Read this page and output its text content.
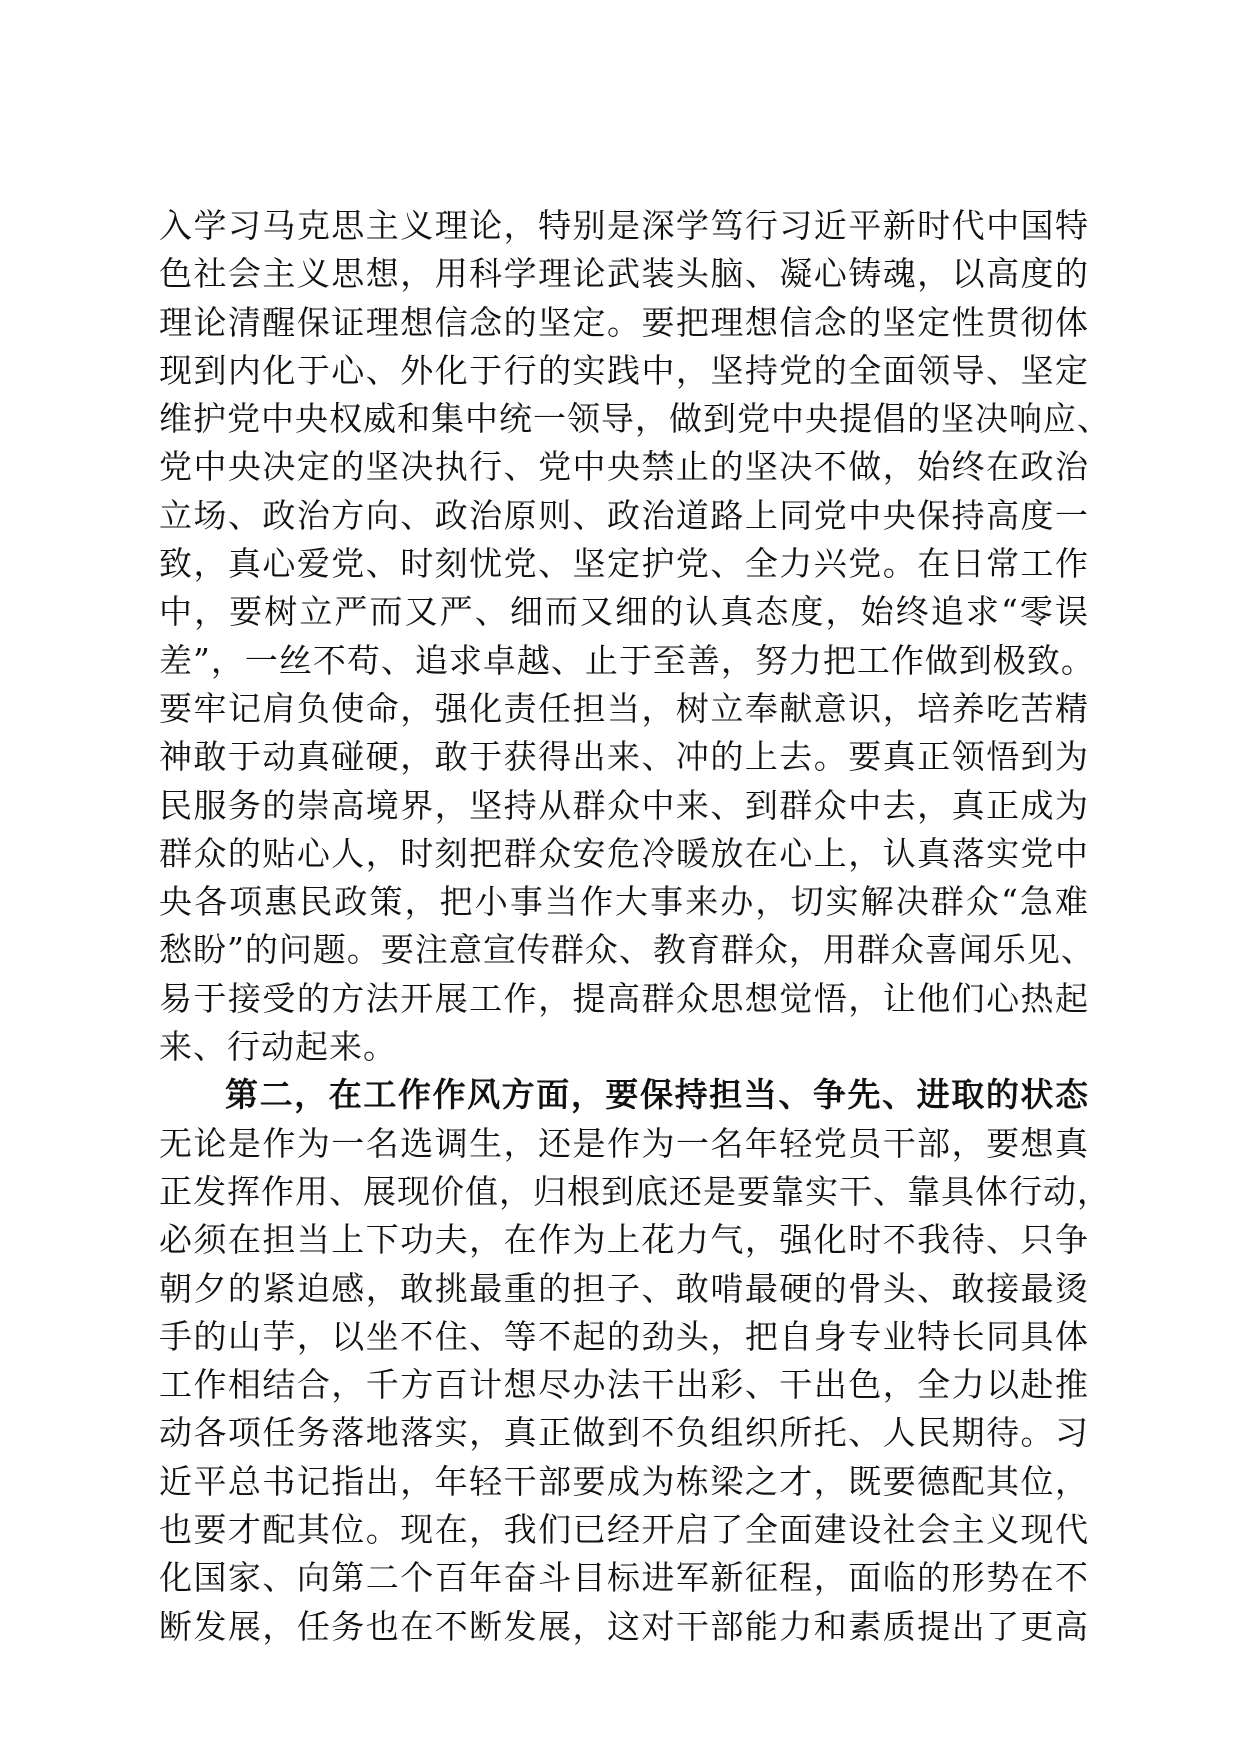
入学习马克思主义理论，特别是深学笃行习近平新时代中国特
色社会主义思想，用科学理论武装头脑、凝心铸魂，以高度的
理论清醒保证理想信念的坚定。要把理想信念的坚定性贯彻体
现到内化于心、外化于行的实践中，坚持党的全面领导、坚定
维护党中央权威和集中统一领导，做到党中央提倡的坚决响应、
党中央决定的坚决执行、党中央禁止的坚决不做，始终在政治
立场、政治方向、政治原则、政治道路上同党中央保持高度一
致，真心爱党、时刻忧党、坚定护党、全力兴党。在日常工作
中，要树立严而又严、细而又细的认真态度，始终追求“零误
差”，一丝不苟、追求卓越、止于至善，努力把工作做到极致。
要牢记肩负使命，强化责任担当，树立奉献意识，培养吃苦精
神敢于动真碰硬，敢于获得出来、冲的上去。要真正领悟到为
民服务的崇高境界，坚持从群众中来、到群众中去，真正成为
群众的贴心人，时刻把群众安危冷暖放在心上，认真落实党中
央各项惠民政策，把小事当作大事来办，切实解决群众“急难
愁盼”的问题。要注意宣传群众、教育群众，用群众喜闻乐见、
易于接受的方法开展工作，提高群众思想觉悟，让他们心热起
来、行动起来。
第二，在工作作风方面，要保持担当、争先、进取的状态
无论是作为一名选调生，还是作为一名年轻党员干部，要想真
正发挥作用、展现价值，归根到底还是要靠实干、靠具体行动，
必须在担当上下功夫，在作为上花力气，强化时不我待、只争
朝夕的紧迫感，敢挑最重的担子、敢啃最硬的骨头、敢接最烫
手的山芋，以坐不住、等不起的劲头，把自身专业特长同具体
工作相结合，千方百计想尽办法干出彩、干出色，全力以赴推
动各项任务落地落实，真正做到不负组织所托、人民期待。习
近平总书记指出，年轻干部要成为栋梁之才，既要德配其位，
也要才配其位。现在，我们已经开启了全面建设社会主义现代
化国家、向第二个百年奋斗目标进军新征程，面临的形势在不
断发展，任务也在不断发展，这对干部能力和素质提出了更高
